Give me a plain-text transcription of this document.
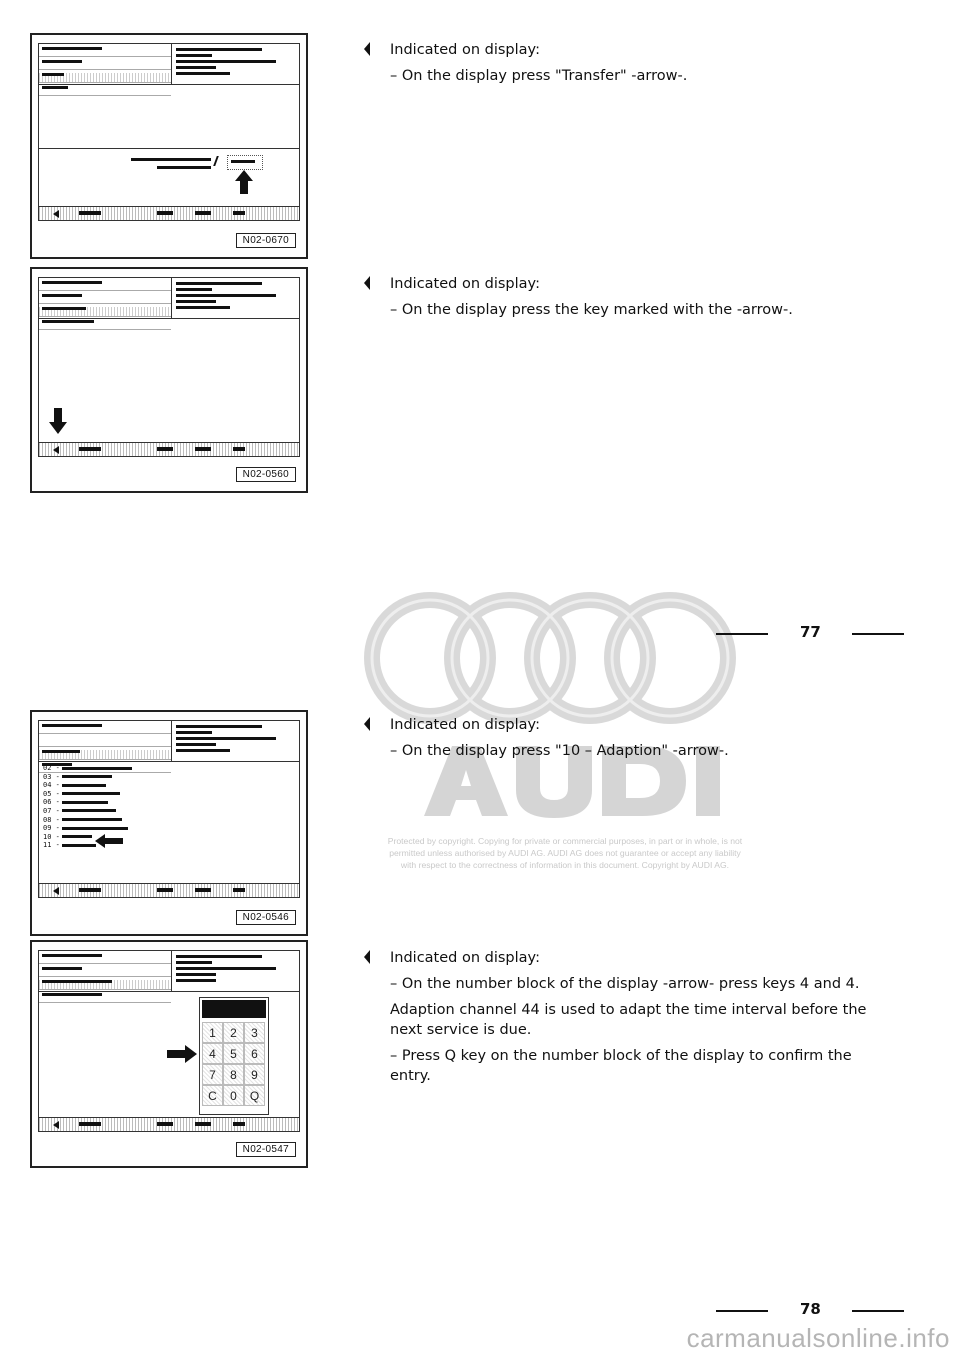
Protected by copyright. Copying for private or commercial purposes, in part or in whole, is not
permitted unless authorised by AUDI AG. AUDI AG does not guarantee or accept any liability
with respect to the correctness of information in this document. Copyright by AUDI AG.
77
78
N02-0670
N02-0560
02 -
03 -
04 -
05 -
06 -
07 -
08 -
09 -
10 -
11 -
N02-0546
1	2	3
4	5	6
7	8	9
C	0	Q
N02-0547

Indicated on display:

– On the display press "Transfer" -arrow-.

Indicated on display:

– On the display press the key marked with the -arrow-.

Indicated on display:

– On the display press "10 – Adaption" -arrow-.

Indicated on display:

– On the number block of the display -arrow- press keys 4 and 4.

Adaption channel 44 is used to adapt the time interval before the next service is due.

– Press Q key on the number block of the display to confirm the entry.

carmanualsonline.info
